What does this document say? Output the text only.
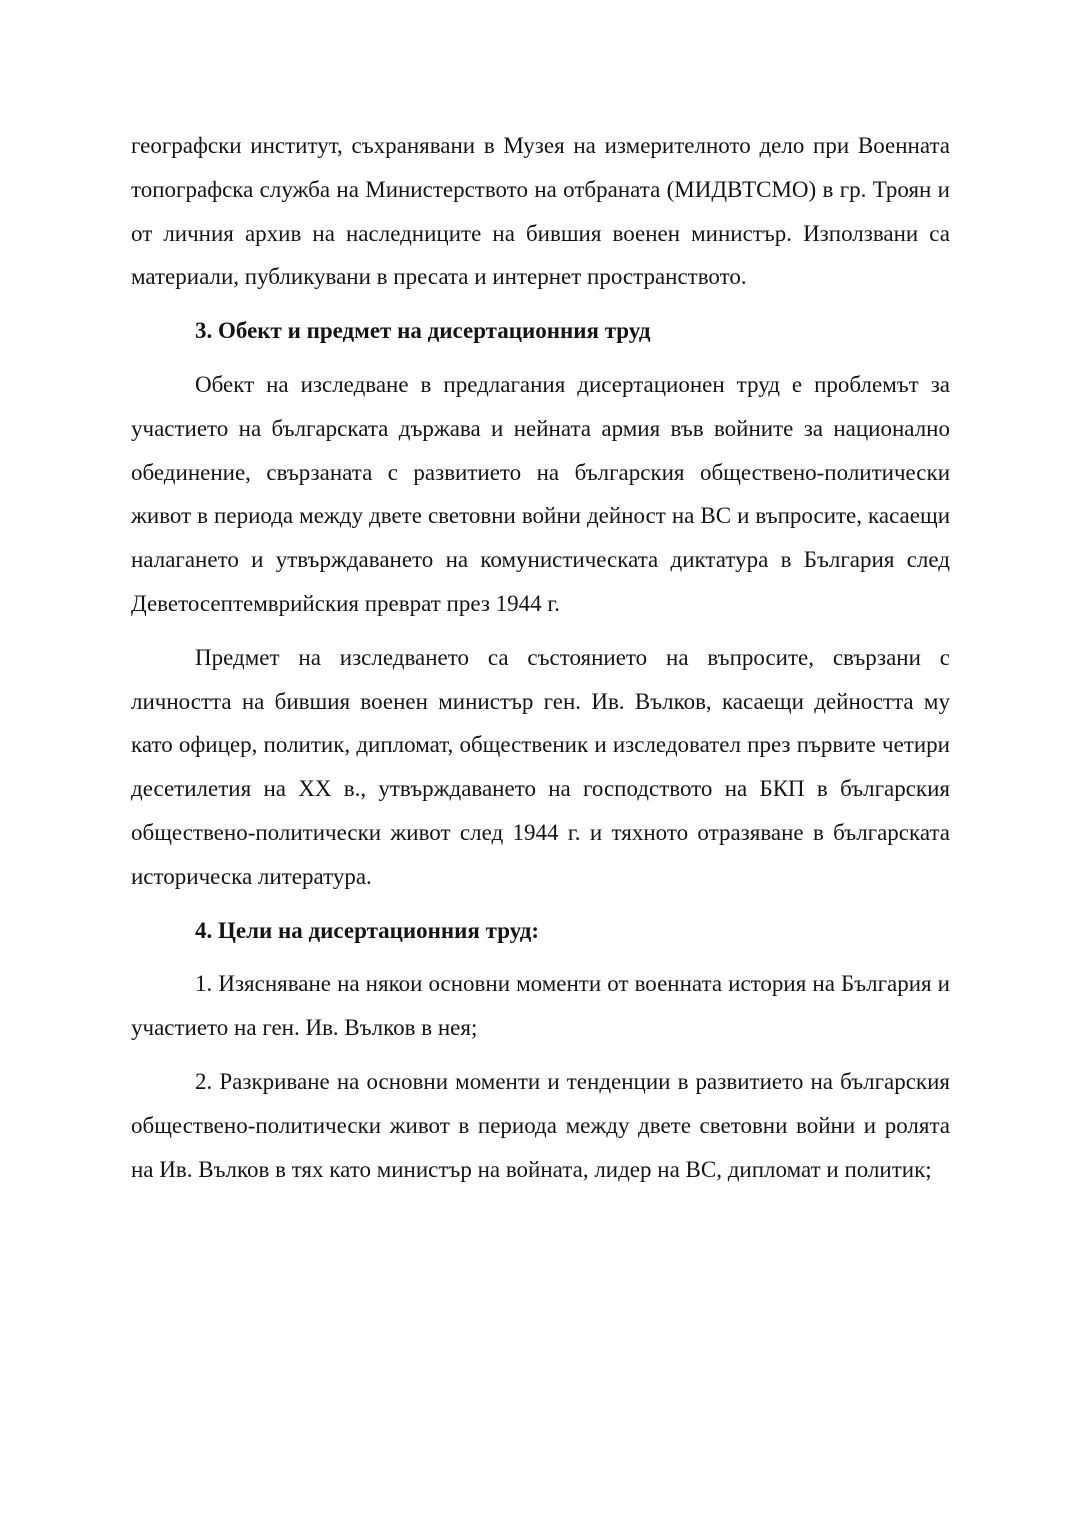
географски институт, съхранявани в Музея на измерителното дело при Военната топографска служба на Министерството на отбраната (МИДВТСМО) в гр. Троян и от личния архив на наследниците на бившия военен министър. Използвани са материали, публикувани в пресата и интернет пространството.

3. Обект и предмет на дисертационния труд

Обект на изследване в предлагания дисертационен труд е проблемът за участието на българската държава и нейната армия във войните за национално обединение, свързаната с развитието на българския обществено-политически живот в периода между двете световни войни дейност на ВС и въпросите, касаещи налагането и утвърждаването на комунистическата диктатура в България след Деветосептемврийския преврат през 1944 г.

Предмет на изследването са състоянието на въпросите, свързани с личността на бившия военен министър ген. Ив. Вълков, касаещи дейността му като офицер, политик, дипломат, общественик и изследовател през първите четири десетилетия на XX в., утвърждаването на господството на БКП в българския обществено-политически живот след 1944 г. и тяхното отразяване в българската историческа литература.

4. Цели на дисертационния труд:

1. Изясняване на някои основни моменти от военната история на България и участието на ген. Ив. Вълков в нея;

2. Разкриване на основни моменти и тенденции в развитието на българския обществено-политически живот в периода между двете световни войни и ролята на Ив. Вълков в тях като министър на войната, лидер на ВС, дипломат и политик;
